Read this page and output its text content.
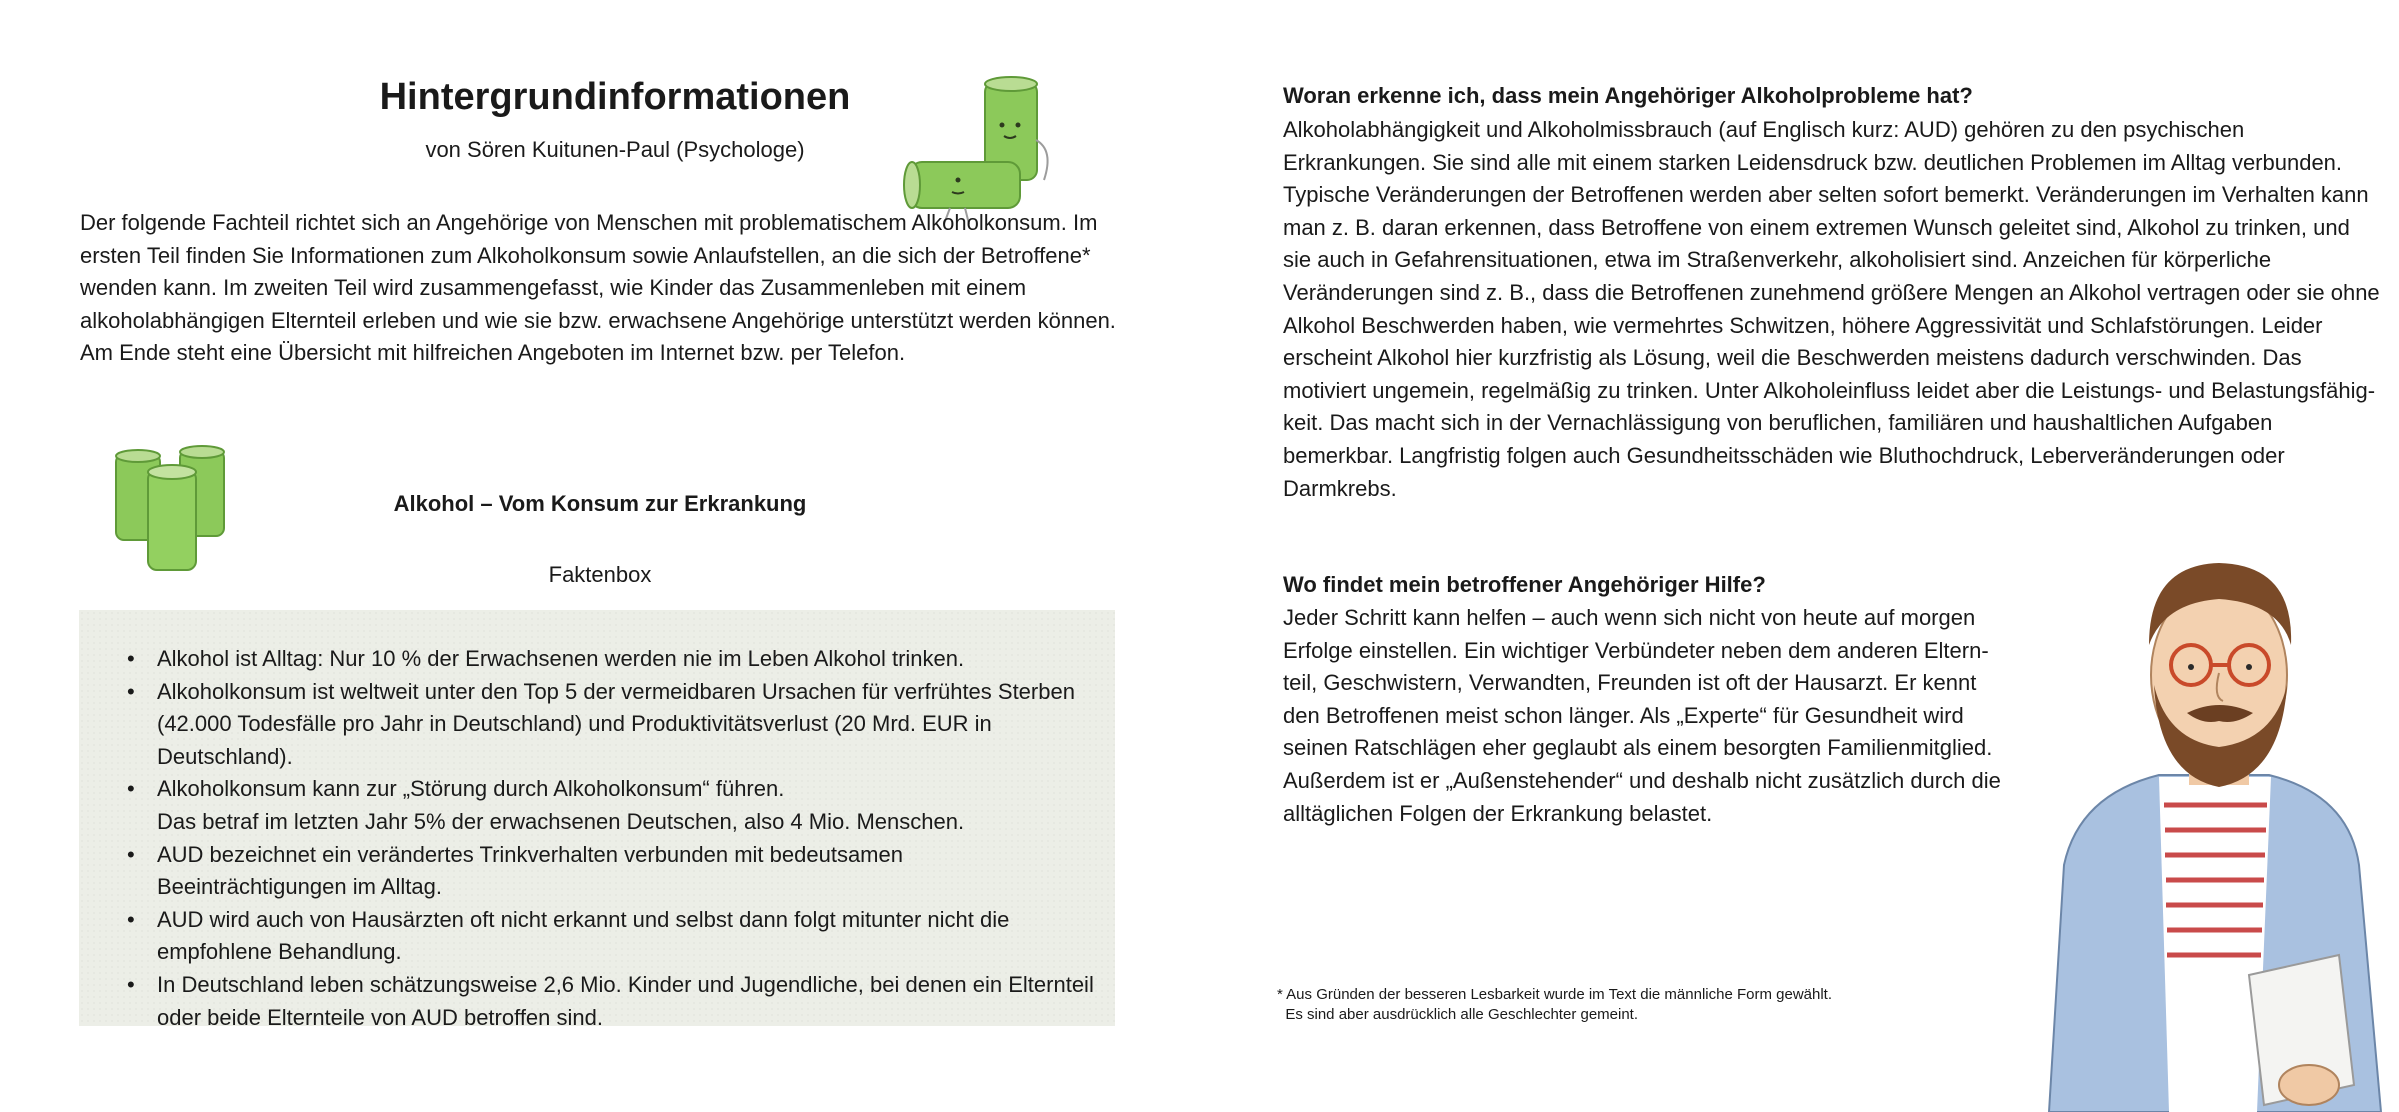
Hintergrundinformationen
von Sören Kuitunen-Paul (Psychologe)

Der folgende Fachteil richtet sich an Angehörige von Menschen mit problematischem Alkoholkonsum. Im ersten Teil finden Sie Informationen zum Alkoholkonsum sowie Anlaufstellen, an die sich der Betroffene* wenden kann. Im zweiten Teil wird zusammengefasst, wie Kinder das Zusammenleben mit einem alkoholabhängigen Elternteil erleben und wie sie bzw. erwachsene Angehörige unterstützt werden können. Am Ende steht eine Übersicht mit hilfreichen Angeboten im Internet bzw. per Telefon.

Alkohol – Vom Konsum zur Erkrankung
Faktenbox
• Alkohol ist Alltag: Nur 10 % der Erwachsenen werden nie im Leben Alkohol trinken.
• Alkoholkonsum ist weltweit unter den Top 5 der vermeidbaren Ursachen für verfrühtes Sterben (42.000 Todesfälle pro Jahr in Deutschland) und Produktivitätsverlust (20 Mrd. EUR in Deutschland).
• Alkoholkonsum kann zur „Störung durch Alkoholkonsum“ führen.
Das betraf im letzten Jahr 5% der erwachsenen Deutschen, also 4 Mio. Menschen.
• AUD bezeichnet ein verändertes Trinkverhalten verbunden mit bedeutsamen Beeinträchtigungen im Alltag.
• AUD wird auch von Hausärzten oft nicht erkannt und selbst dann folgt mitunter nicht die empfohlene Behandlung.
• In Deutschland leben schätzungsweise 2,6 Mio. Kinder und Jugendliche, bei denen ein Elternteil oder beide Elternteile von AUD betroffen sind.
Woran erkenne ich, dass mein Angehöriger Alkoholprobleme hat?

Alkoholabhängigkeit und Alkoholmissbrauch (auf Englisch kurz: AUD) gehören zu den psychischen Erkrankungen. Sie sind alle mit einem starken Leidensdruck bzw. deutlichen Problemen im Alltag verbunden. Typische Veränderungen der Betroffenen werden aber selten sofort bemerkt. Veränderungen im Verhalten kann man z. B. daran erkennen, dass Betroffene von einem extremen Wunsch geleitet sind, Alkohol zu trinken, und sie auch in Gefahrensituationen, etwa im Straßenverkehr, alkoholisiert sind. Anzeichen für körperliche Veränderungen sind z. B., dass die Betroffenen zunehmend größere Mengen an Alkohol vertragen oder sie ohne Alkohol Beschwerden haben, wie vermehrtes Schwitzen, höhere Aggressivität und Schlafstörungen. Leider erscheint Alkohol hier kurzfristig als Lösung, weil die Beschwerden meistens dadurch verschwinden. Das motiviert ungemein, regelmäßig zu trinken. Unter Alkoholeinfluss leidet aber die Leistungs- und Belastungsfähigkeit. Das macht sich in der Vernachlässigung von beruflichen, familiären und haushaltlichen Aufgaben bemerkbar. Langfristig folgen auch Gesundheitsschäden wie Bluthochdruck, Leberveränderungen oder Darmkrebs.

Wo findet mein betroffener Angehöriger Hilfe?

Jeder Schritt kann helfen – auch wenn sich nicht von heute auf morgen Erfolge einstellen. Ein wichtiger Verbündeter neben dem anderen Elternteil, Geschwistern, Verwandten, Freunden ist oft der Hausarzt. Er kennt den Betroffenen meist schon länger. Als „Experte“ für Gesundheit wird seinen Ratschlägen eher geglaubt als einem besorgten Familienmitglied. Außerdem ist er „Außenstehender“ und deshalb nicht zusätzlich durch die alltäglichen Folgen der Erkrankung belastet.

* Aus Gründen der besseren Lesbarkeit wurde im Text die männliche Form gewählt.
Es sind aber ausdrücklich alle Geschlechter gemeint.
